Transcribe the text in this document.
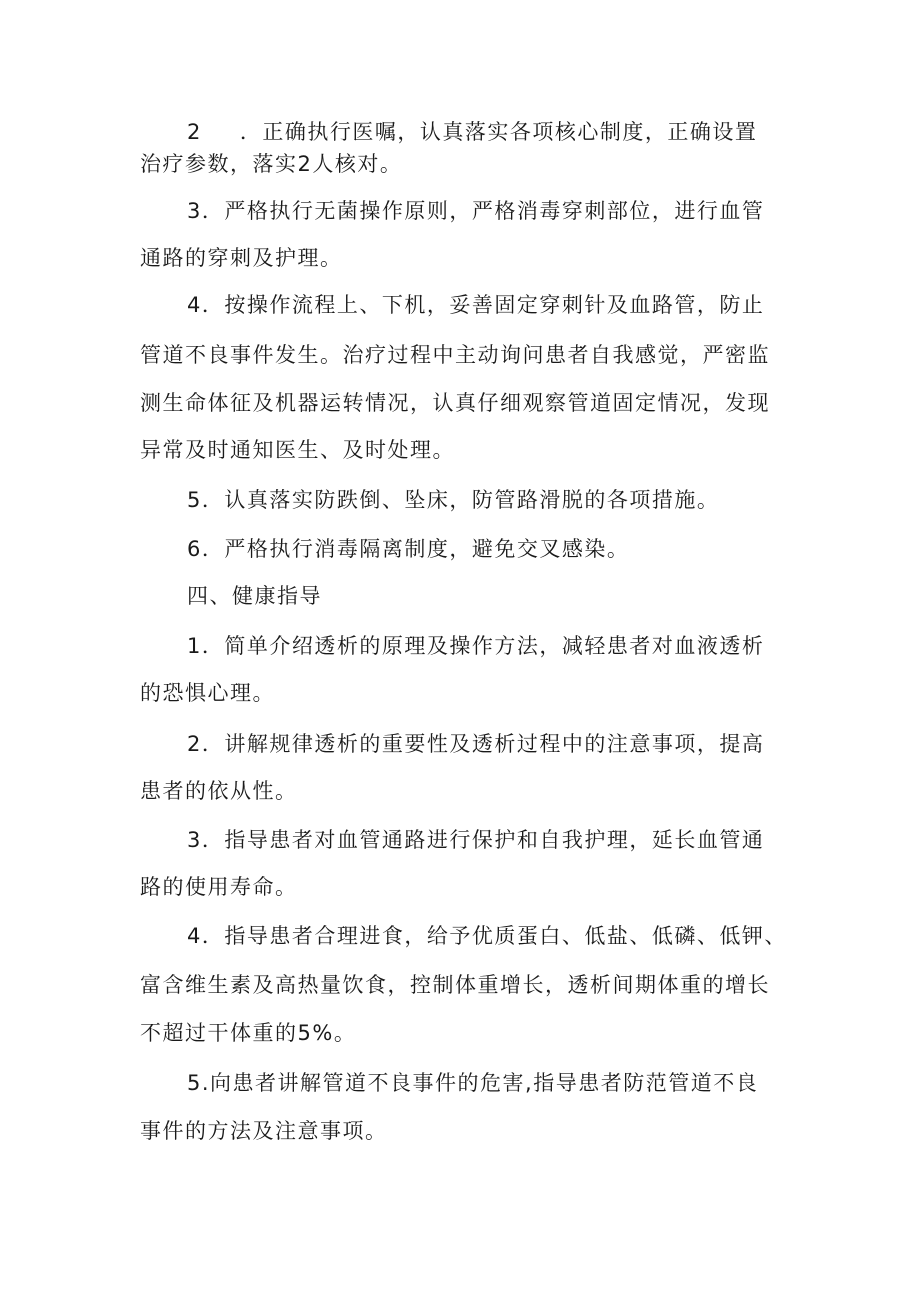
2 ．正确执行医嘱，认真落实各项核心制度，正确设置
治疗参数，落实2人核对。
3．严格执行无菌操作原则，严格消毒穿刺部位，进行血管
通路的穿刺及护理。
4．按操作流程上、下机，妥善固定穿刺针及血路管，防止
管道不良事件发生。治疗过程中主动询问患者自我感觉，严密监
测生命体征及机器运转情况，认真仔细观察管道固定情况，发现
异常及时通知医生、及时处理。
5．认真落实防跌倒、坠床，防管路滑脱的各项措施。
6．严格执行消毒隔离制度，避免交叉感染。
四、健康指导
1．简单介绍透析的原理及操作方法，减轻患者对血液透析
的恐惧心理。
2．讲解规律透析的重要性及透析过程中的注意事项，提高
患者的依从性。
3．指导患者对血管通路进行保护和自我护理，延长血管通
路的使用寿命。
4．指导患者合理进食，给予优质蛋白、低盐、低磷、低钾、
富含维生素及高热量饮食，控制体重增长，透析间期体重的增长
不超过干体重的5%。
5.向患者讲解管道不良事件的危害,指导患者防范管道不良
事件的方法及注意事项。
